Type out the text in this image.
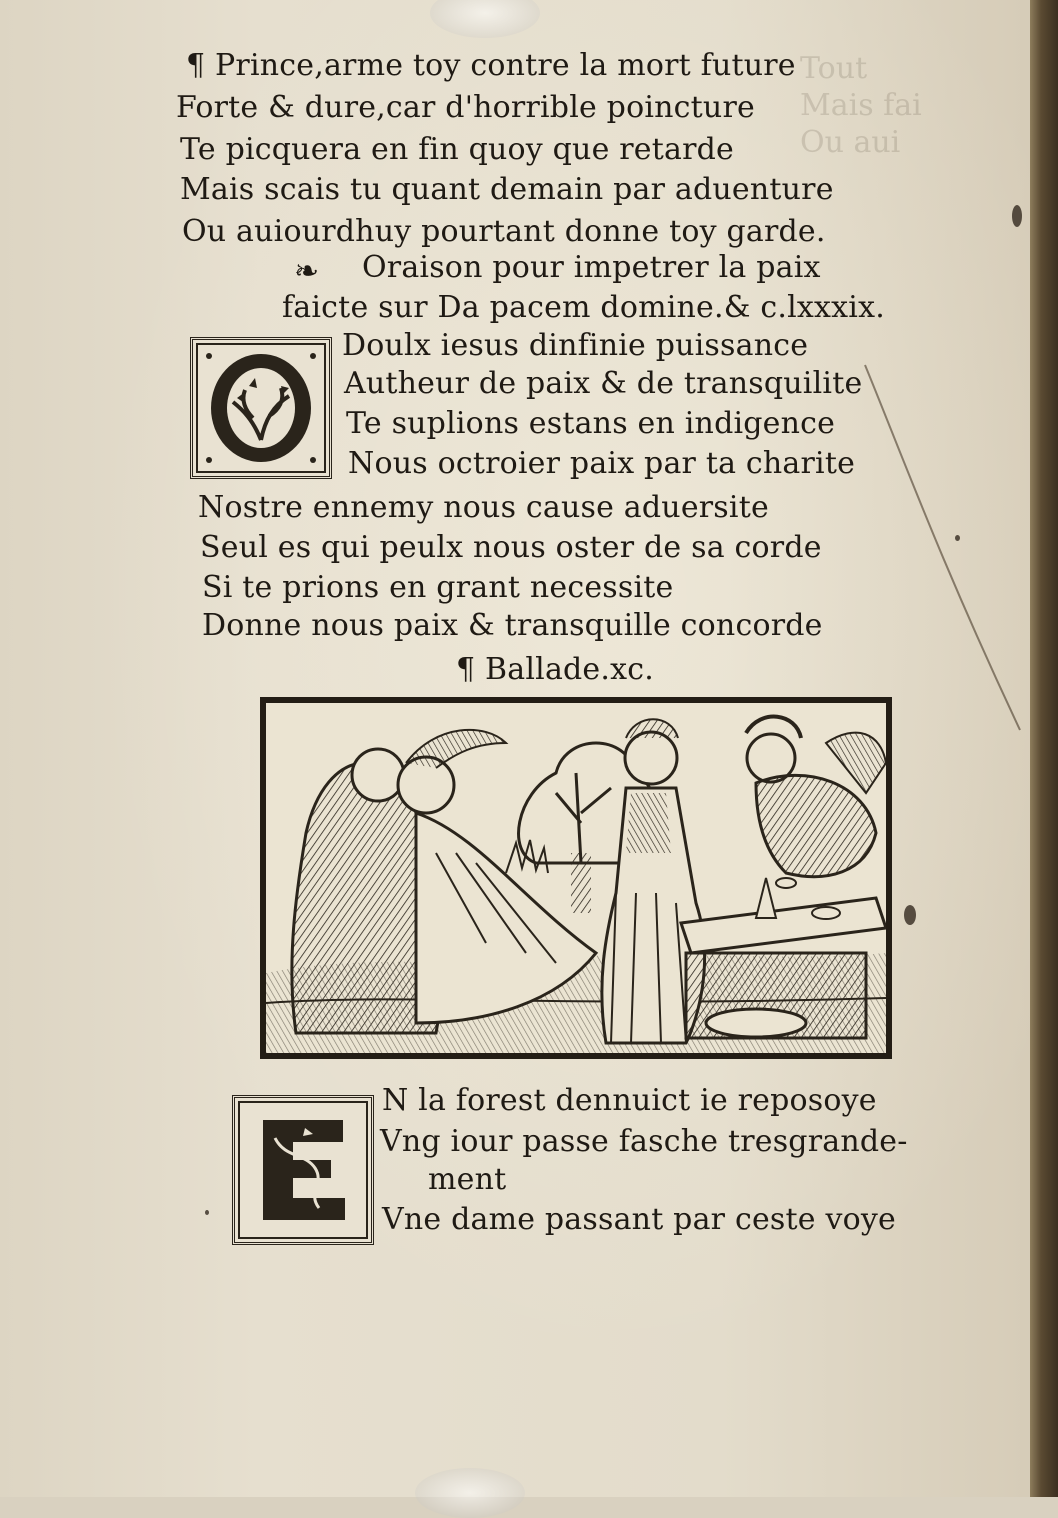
Tout
Mais fai
Ou aui

¶ Prince,arme toy contre la mort future
Forte & dure,car d'horrible poincture
Te picquera en fin quoy que retarde
Mais scais tu quant demain par aduenture
Ou auiourdhuy pourtant donne toy garde.
❧ Oraison pour impetrer la paix
faicte sur Da pacem domine.& c.lxxxix.
Doulx iesus dinfinie puissance
Autheur de paix & de transquilite
Te suplions estans en indigence
Nous octroier paix par ta charite
Nostre ennemy nous cause aduersite
Seul es qui peulx nous oster de sa corde
Si te prions en grant necessite
Donne nous paix & transquille concorde
¶ Ballade.xc.
N la forest dennuict ie reposoye
Vng iour passe fasche tresgrande-
ment
Vne dame passant par ceste voye
